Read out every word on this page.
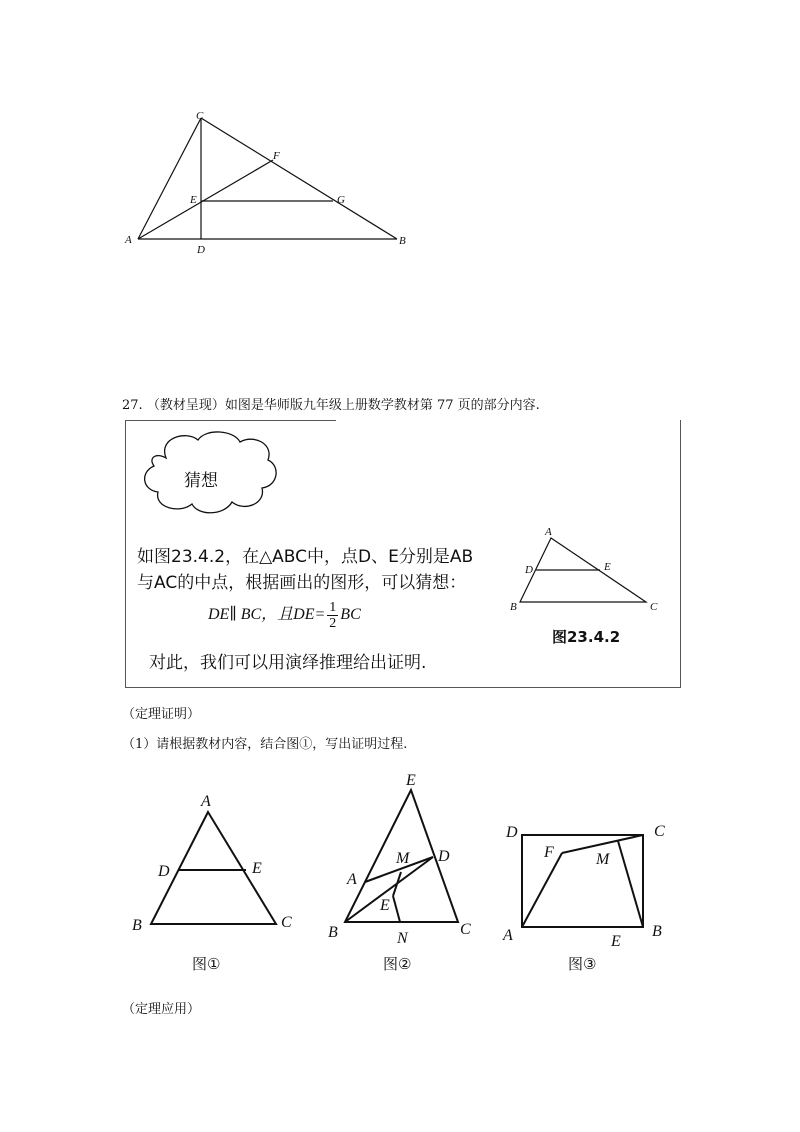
C
F
E	G
A
D
B
27. （教材呈现）如图是华师版九年级上册数学教材第 77 页的部分内容.
猜想
如图23.4.2，在△ABC中，点D、E分别是AB
与AC的中点，根据画出的图形，可以猜想：
DE∥ BC，且$DE= \frac{1}{2}$ BC
对此，我们可以用演绎推理给出证明.
A
D	E
B	C
图23.4.2
（定理证明）
（1）请根据教材内容，结合图①，写出证明过程.
A
D	E
B	C
图①
E
M D
A
E
B	N
C
图②
D	C
F	M
A	E
B
图③
（定理应用）
